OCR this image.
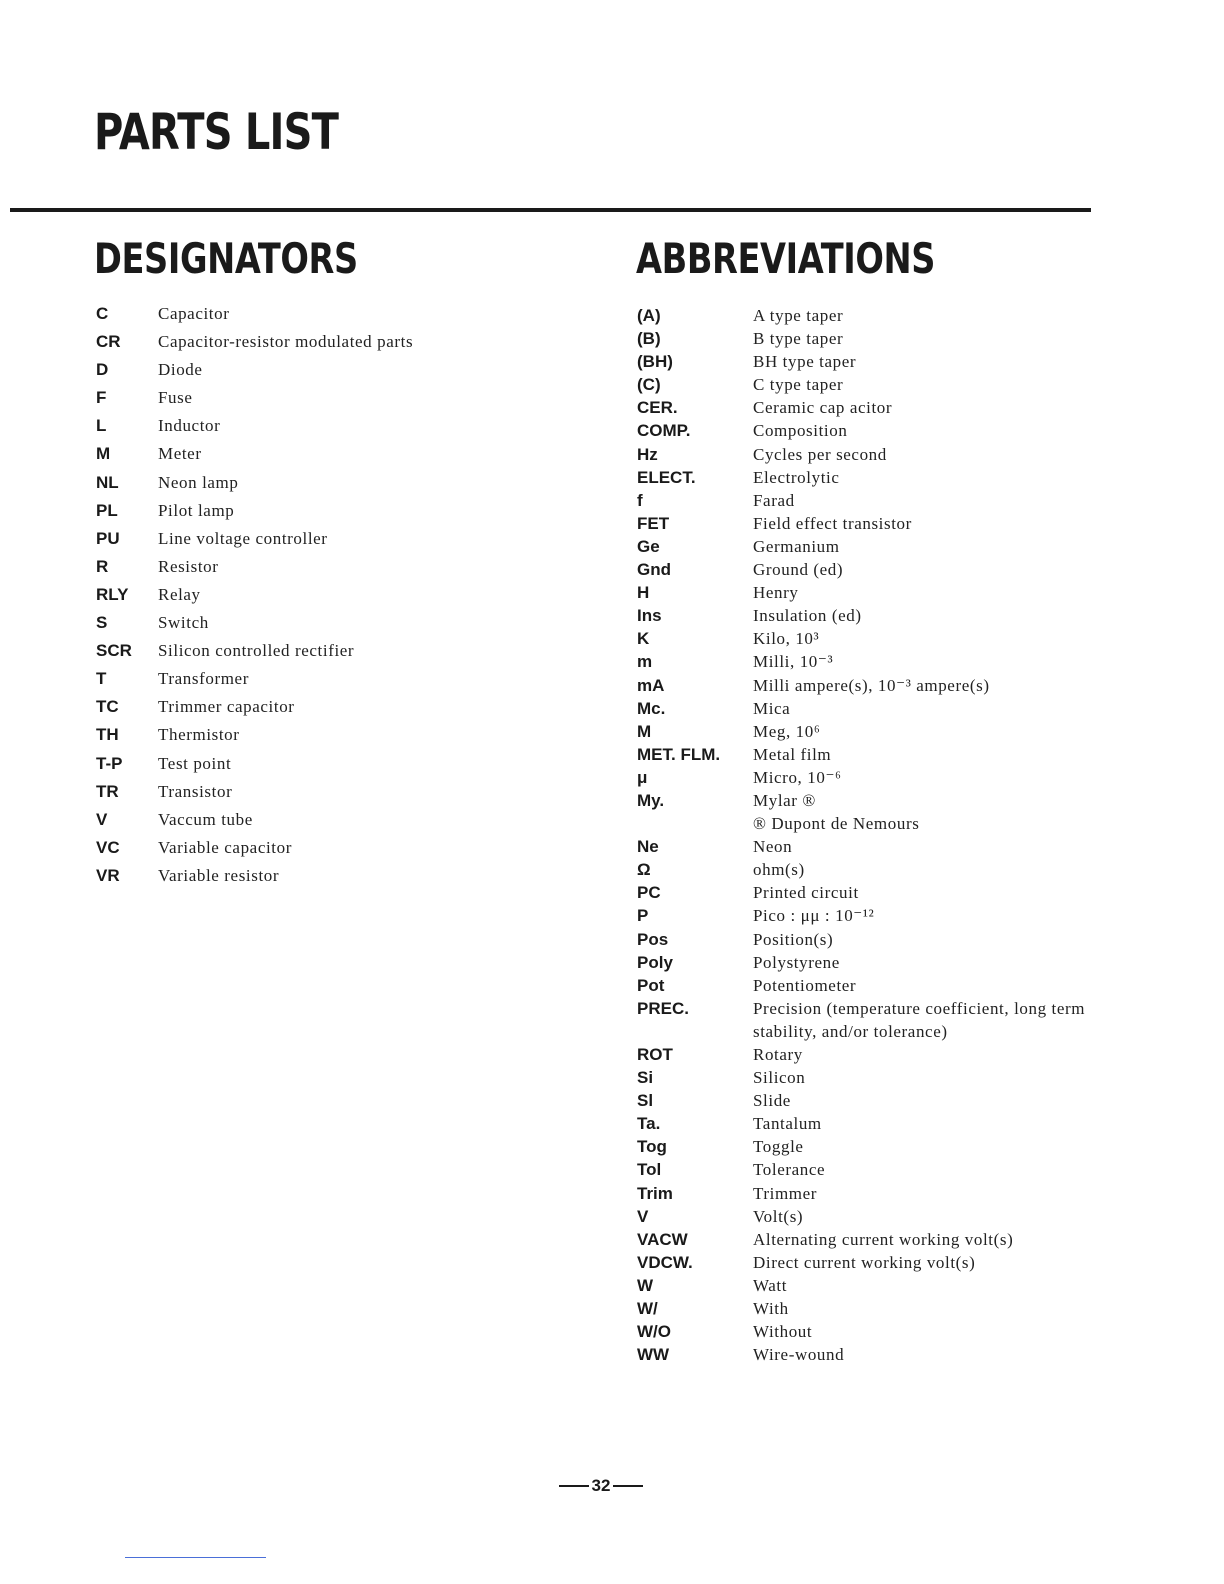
PARTS LIST
DESIGNATORS
C	Capacitor
CR Capacitor-resistor modulated parts
D	Diode
F	Fuse
L	Inductor
M	Meter
NL Neon lamp
PL Pilot lamp
PU Line voltage controller
R	Resistor
RLY Relay
S	Switch
SCR Silicon controlled rectifier
T	Transformer
TC Trimmer capacitor
TH Thermistor
T-P Test point
TR Transistor
V	Vaccum tube
VC Variable capacitor
VR Variable resistor
ABBREVIATIONS
(A)	A type taper
(B)	B type taper
(BH)	BH type taper
(C)	C type taper
CER.	Ceramic cap acitor
COMP.	Composition
Hz	Cycles per second
ELECT.	Electrolytic
f	Farad
FET	Field effect transistor
Ge	Germanium
Gnd	Ground (ed)
H	Henry
Ins	Insulation (ed)
K	Kilo, 10³
m	Milli, 10⁻³
mA	Milli ampere(s), 10⁻³ ampere(s)
Mc.	Mica
M	Meg, 10⁶
MET. FLM. Metal film
μ	Micro, 10⁻⁶
My.	Mylar ®
® Dupont de Nemours
Ne	Neon
Ω	ohm(s)
PC	Printed circuit
P	Pico : μμ : 10⁻¹²
Pos	Position(s)
Poly	Polystyrene
Pot	Potentiometer
PREC.	Precision (temperature coefficient, long term stability, and/or tolerance)
ROT	Rotary
Si	Silicon
Sl	Slide
Ta.	Tantalum
Tog	Toggle
Tol	Tolerance
Trim	Trimmer
V	Volt(s)
VACW	Alternating current working volt(s)
VDCW.	Direct current working volt(s)
W	Watt
W/	With
W/O	Without
WW	Wire-wound
32
